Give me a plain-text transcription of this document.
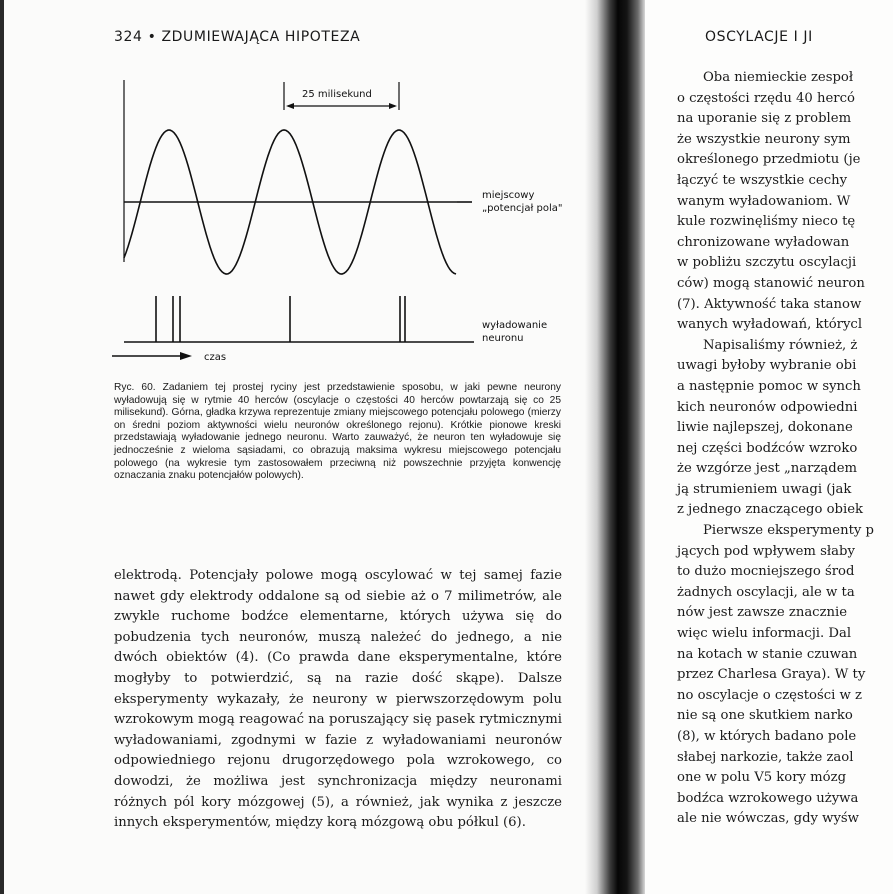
324 • ZDUMIEWAJĄCA HIPOTEZA
25 milisekund
miejscowy
„potencjał pola"
wyładowanie
neuronu
czas
Ryc. 60. Zadaniem tej prostej ryciny jest przedstawienie sposobu, w jaki pewne neurony wyładowują się w rytmie 40 herców (oscylacje o częstości 40 herców powtarzają się co 25 milisekund). Górna, gładka krzywa reprezentuje zmiany miejscowego potencjału polowego (mierzy on średni poziom aktywności wielu neuronów określonego rejonu). Krótkie pionowe kreski przedstawiają wyładowanie jednego neuronu. Warto zauważyć, że neuron ten wyładowuje się jednocześnie z wieloma sąsiadami, co obrazują maksima wykresu miejscowego potencjału polowego (na wykresie tym zastosowałem przeciwną niż powszechnie przyjęta konwencję oznaczania znaku potencjałów polowych).

elektrodą. Potencjały polowe mogą oscylować w tej samej fazie nawet gdy elektrody oddalone są od siebie aż o 7 milimetrów, ale zwykle ruchome bodźce elementarne, których używa się do pobudzenia tych neuronów, muszą należeć do jednego, a nie dwóch obiektów (4). (Co prawda dane eksperymentalne, które mogłyby to potwierdzić, są na razie dość skąpe). Dalsze eksperymenty wykazały, że neurony w pierwszorzędowym polu wzrokowym mogą reagować na poruszający się pasek rytmicznymi wyładowaniami, zgodnymi w fazie z wyładowaniami neuronów odpowiedniego rejonu drugorzędowego pola wzrokowego, co dowodzi, że możliwa jest synchronizacja między neuronami różnych pól kory mózgowej (5), a również, jak wynika z jeszcze innych eksperymentów, między korą mózgową obu półkul (6).

OSCYLACJE I JI
Oba niemieckie zespoł
o częstości rzędu 40 hercó
na uporanie się z problem
że wszystkie neurony sym
określonego przedmiotu (je
łączyć te wszystkie cechy
wanym wyładowaniom. W
kule rozwinęliśmy nieco tę
chronizowane wyładowan
w pobliżu szczytu oscylacji
ców) mogą stanowić neuron
(7). Aktywność taka stanow
wanych wyładowań, którycl
Napisaliśmy również, ż
uwagi byłoby wybranie obi
a następnie pomoc w synch
kich neuronów odpowiedni
liwie najlepszej, dokonane
nej części bodźców wzroko
że wzgórze jest „narządem
ją strumieniem uwagi (jak
z jednego znaczącego obiek
Pierwsze eksperymenty p
jących pod wpływem słaby
to dużo mocniejszego środ
żadnych oscylacji, ale w ta
nów jest zawsze znacznie
więc wielu informacji. Dal
na kotach w stanie czuwan
przez Charlesa Graya). W ty
no oscylacje o częstości w z
nie są one skutkiem narko
(8), w których badano pole
słabej narkozie, także zaol
one w polu V5 kory mózg
bodźca wzrokowego używa
ale nie wówczas, gdy wyśw
